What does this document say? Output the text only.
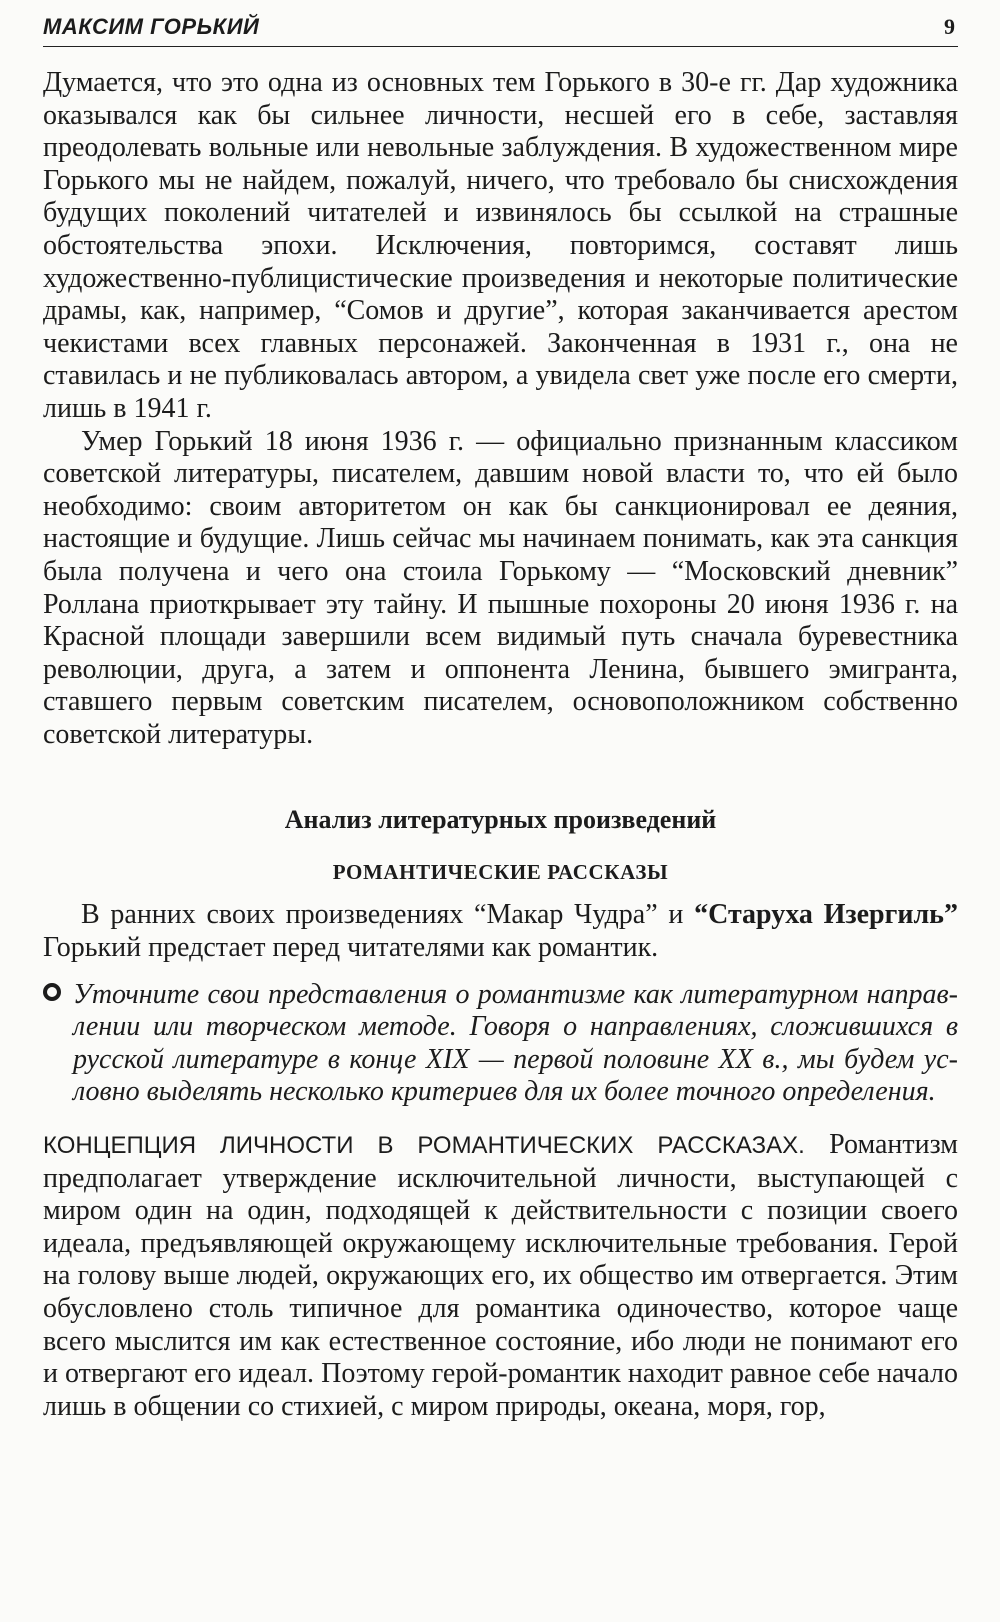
МАКСИМ ГОРЬКИЙ	9

Думается, что это одна из основных тем Горького в 30-е гг. Дар художника оказывался как бы сильнее личности, несшей его в себе, заставляя преодолевать вольные или невольные заблуждения. В художественном мире Горького мы не найдем, пожалуй, ничего, что требовало бы снисхождения будущих поколений читателей и извинялось бы ссылкой на страшные обстоятельства эпохи. Исключения, повторимся, составят лишь художественно-публицистические произведения и некоторые политические драмы, как, например, “Сомов и другие”, которая заканчивается арестом чекистами всех главных персонажей. Законченная в 1931 г., она не ставилась и не публиковалась автором, а увидела свет уже после его смерти, лишь в 1941 г.

Умер Горький 18 июня 1936 г. — официально признанным классиком советской литературы, писателем, давшим новой власти то, что ей было необходимо: своим авторитетом он как бы санкционировал ее деяния, настоящие и будущие. Лишь сейчас мы начинаем понимать, как эта санкция была получена и чего она стоила Горькому — “Московский дневник” Роллана приоткрывает эту тайну. И пышные похороны 20 июня 1936 г. на Красной площади завершили всем видимый путь сначала буревестника революции, друга, а затем и оппонента Ленина, бывшего эмигранта, ставшего первым советским писателем, основоположником собственно советской литературы.

Анализ литературных произведений
РОМАНТИЧЕСКИЕ РАССКАЗЫ

В ранних своих произведениях “Макар Чудра” и “Старуха Изергиль” Горький предстает перед читателями как романтик.

Уточните свои представления о романтизме как литературном направлении или творческом методе. Говоря о направлениях, сложившихся в русской литературе в конце XIX — первой половине XX в., мы будем условно выделять несколько критериев для их более точного определения.

КОНЦЕПЦИЯ ЛИЧНОСТИ В РОМАНТИЧЕСКИХ РАССКАЗАХ. Романтизм предполагает утверждение исключительной личности, выступающей с миром один на один, подходящей к действительности с позиции своего идеала, предъявляющей окружающему исключительные требования. Герой на голову выше людей, окружающих его, их общество им отвергается. Этим обусловлено столь типичное для романтика одиночество, которое чаще всего мыслится им как естественное состояние, ибо люди не понимают его и отвергают его идеал. Поэтому герой-романтик находит равное себе начало лишь в общении со стихией, с миром природы, океана, моря, гор,
